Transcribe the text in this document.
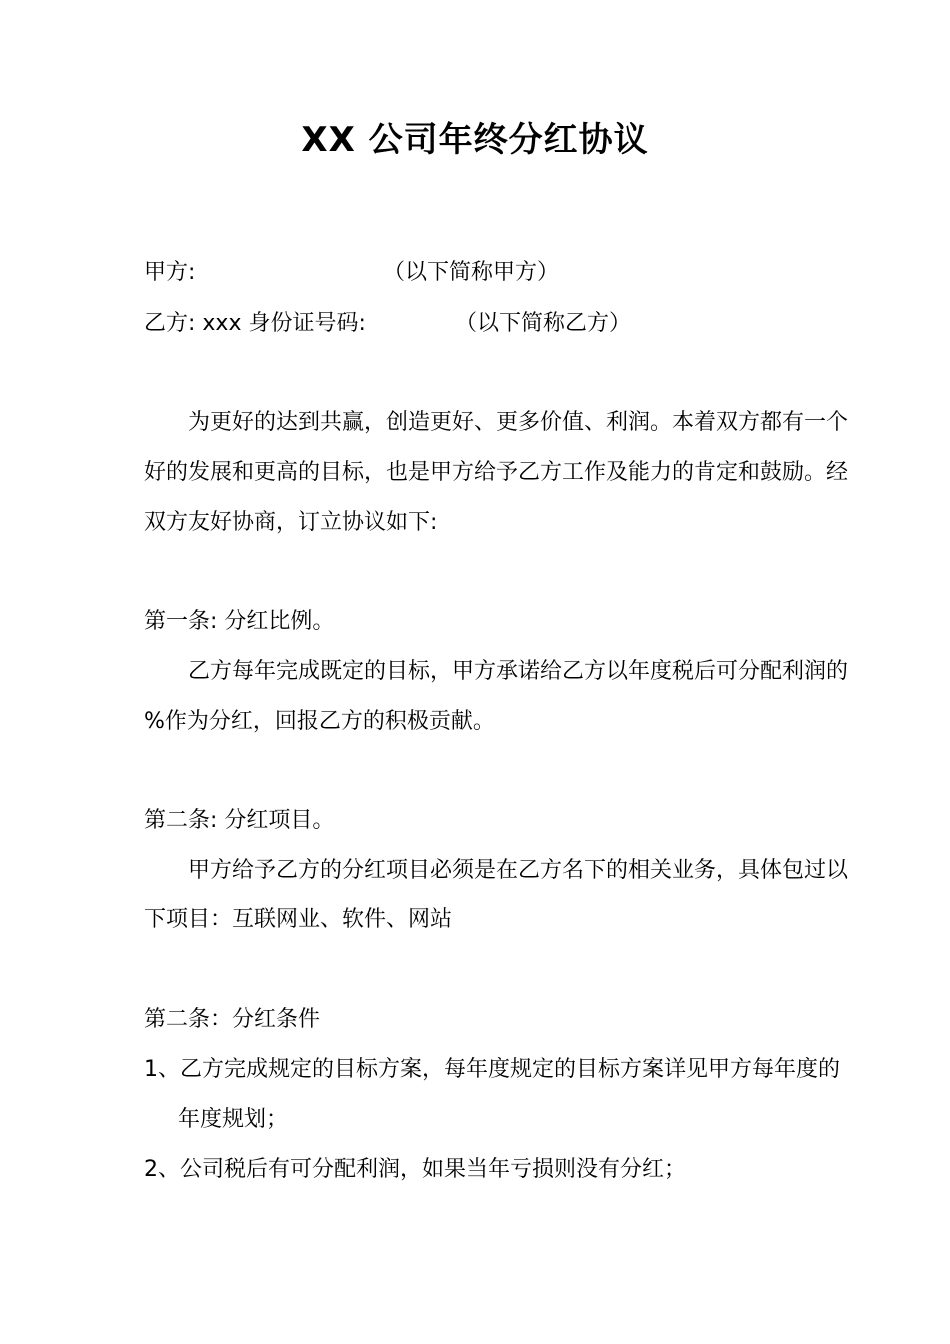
XX 公司年终分红协议
甲方:	（以下简称甲方）
乙方: xxx 身份证号码:	（以下简称乙方）
为更好的达到共赢，创造更好、更多价值、利润。本着双方都有一个
好的发展和更高的目标，也是甲方给予乙方工作及能力的肯定和鼓励。经
双方友好协商，订立协议如下:
第一条: 分红比例。
乙方每年完成既定的目标，甲方承诺给乙方以年度税后可分配利润的
%作为分红，回报乙方的积极贡献。
第二条: 分红项目。
甲方给予乙方的分红项目必须是在乙方名下的相关业务，具体包过以
下项目：互联网业、软件、网站
第二条：分红条件
1、乙方完成规定的目标方案，每年度规定的目标方案详见甲方每年度的
年度规划；
2、公司税后有可分配利润，如果当年亏损则没有分红；
